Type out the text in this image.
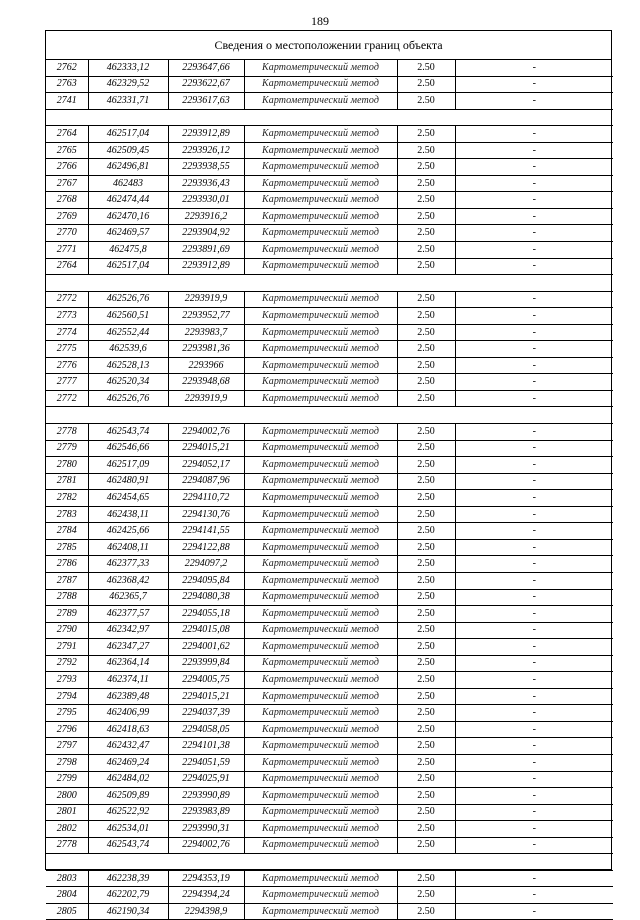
189
Сведения о местоположении границ объекта
2762	462333,12	2293647,66	Картометрический метод	2.50	-
2763	462329,52	2293622,67	Картометрический метод	2.50	-
2741	462331,71	2293617,63	Картометрический метод	2.50	-

2764	462517,04	2293912,89	Картометрический метод	2.50	-
2765	462509,45	2293926,12	Картометрический метод	2.50	-
2766	462496,81	2293938,55	Картометрический метод	2.50	-
2767	462483	2293936,43	Картометрический метод	2.50	-
2768	462474,44	2293930,01	Картометрический метод	2.50	-
2769	462470,16	2293916,2	Картометрический метод	2.50	-
2770	462469,57	2293904,92	Картометрический метод	2.50	-
2771	462475,8	2293891,69	Картометрический метод	2.50	-
2764	462517,04	2293912,89	Картометрический метод	2.50	-

2772	462526,76	2293919,9	Картометрический метод	2.50	-
2773	462560,51	2293952,77	Картометрический метод	2.50	-
2774	462552,44	2293983,7	Картометрический метод	2.50	-
2775	462539,6	2293981,36	Картометрический метод	2.50	-
2776	462528,13	2293966	Картометрический метод	2.50	-
2777	462520,34	2293948,68	Картометрический метод	2.50	-
2772	462526,76	2293919,9	Картометрический метод	2.50	-

2778	462543,74	2294002,76	Картометрический метод	2.50	-
2779	462546,66	2294015,21	Картометрический метод	2.50	-
2780	462517,09	2294052,17	Картометрический метод	2.50	-
2781	462480,91	2294087,96	Картометрический метод	2.50	-
2782	462454,65	2294110,72	Картометрический метод	2.50	-
2783	462438,11	2294130,76	Картометрический метод	2.50	-
2784	462425,66	2294141,55	Картометрический метод	2.50	-
2785	462408,11	2294122,88	Картометрический метод	2.50	-
2786	462377,33	2294097,2	Картометрический метод	2.50	-
2787	462368,42	2294095,84	Картометрический метод	2.50	-
2788	462365,7	2294080,38	Картометрический метод	2.50	-
2789	462377,57	2294055,18	Картометрический метод	2.50	-
2790	462342,97	2294015,08	Картометрический метод	2.50	-
2791	462347,27	2294001,62	Картометрический метод	2.50	-
2792	462364,14	2293999,84	Картометрический метод	2.50	-
2793	462374,11	2294005,75	Картометрический метод	2.50	-
2794	462389,48	2294015,21	Картометрический метод	2.50	-
2795	462406,99	2294037,39	Картометрический метод	2.50	-
2796	462418,63	2294058,05	Картометрический метод	2.50	-
2797	462432,47	2294101,38	Картометрический метод	2.50	-
2798	462469,24	2294051,59	Картометрический метод	2.50	-
2799	462484,02	2294025,91	Картометрический метод	2.50	-
2800	462509,89	2293990,89	Картометрический метод	2.50	-
2801	462522,92	2293983,89	Картометрический метод	2.50	-
2802	462534,01	2293990,31	Картометрический метод	2.50	-
2778	462543,74	2294002,76	Картометрический метод	2.50	-

2803	462238,39	2294353,19	Картометрический метод	2.50	-
2804	462202,79	2294394,24	Картометрический метод	2.50	-
2805	462190,34	2294398,9	Картометрический метод	2.50	-
